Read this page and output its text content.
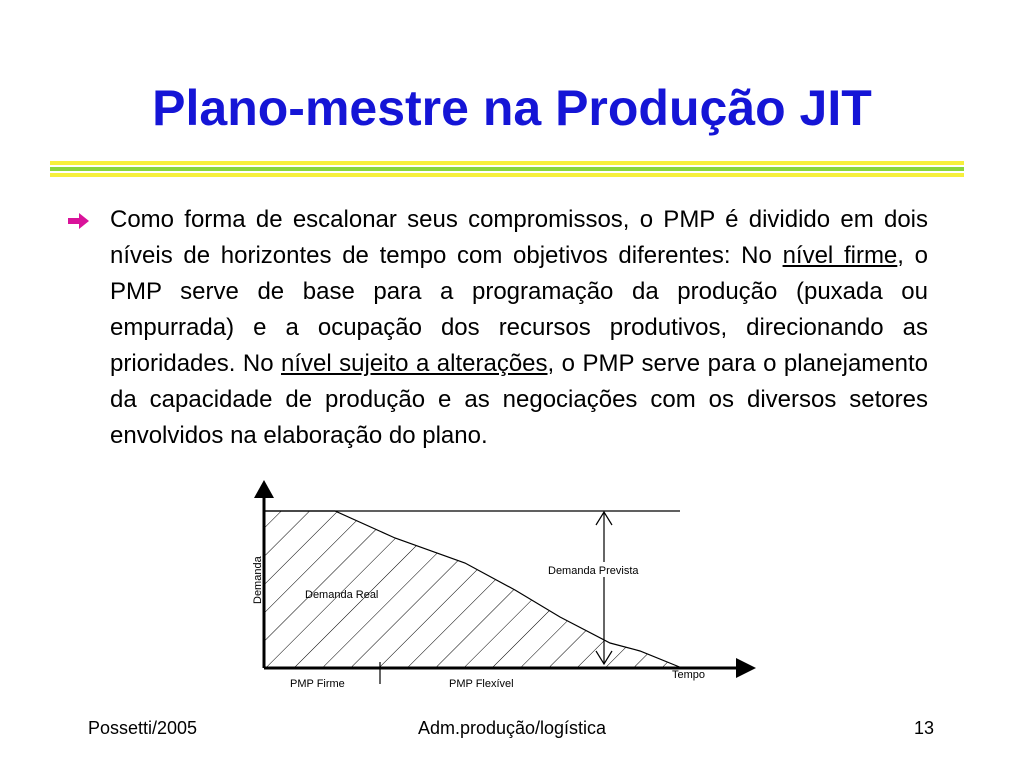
Plano-mestre na Produção JIT
Como forma de escalonar seus compromissos, o PMP é dividido em dois níveis de horizontes de tempo com objetivos diferentes: No nível firme, o PMP serve de base para a programação da produção (puxada ou empurrada) e a ocupação dos recursos produtivos, direcionando as prioridades. No nível sujeito a alterações, o PMP serve para o planejamento da capacidade de produção e as negociações com os diversos setores envolvidos na elaboração do plano.
Demanda Prevista
Demanda Real
Demanda
Tempo
PMP Firme	PMP Flexível
Possetti/2005	Adm.produção/logística	13
